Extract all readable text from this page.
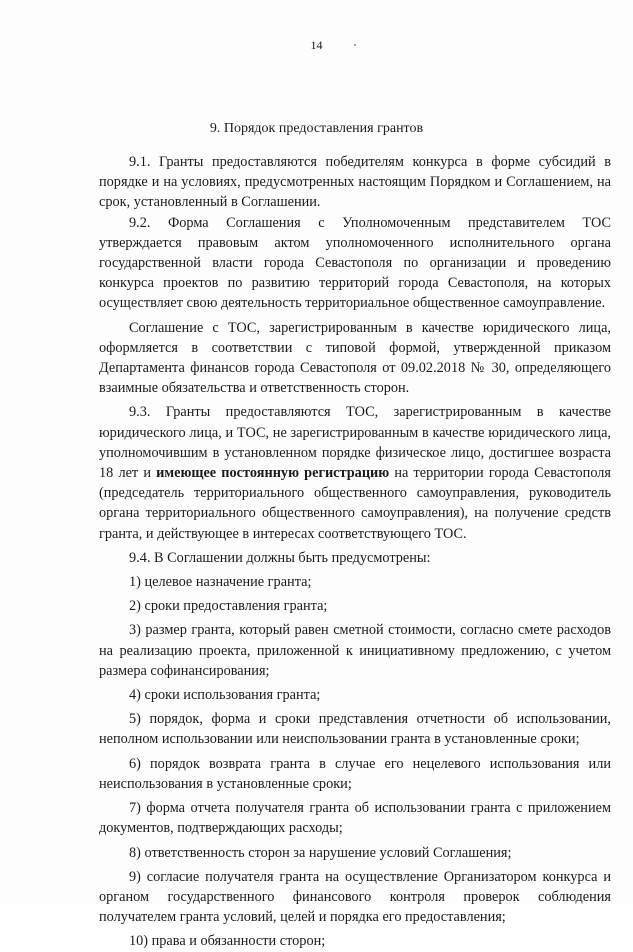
14
9. Порядок предоставления грантов

9.1. Гранты предоставляются победителям конкурса в форме субсидий в порядке и на условиях, предусмотренных настоящим Порядком и Соглашением, на срок, установленный в Соглашении.

9.2. Форма Соглашения с Уполномоченным представителем ТОС утверждается правовым актом уполномоченного исполнительного органа государственной власти города Севастополя по организации и проведению конкурса проектов по развитию территорий города Севастополя, на которых осуществляет свою деятельность территориальное общественное самоуправление.

Соглашение с ТОС, зарегистрированным в качестве юридического лица, оформляется в соответствии с типовой формой, утвержденной приказом Департамента финансов города Севастополя от 09.02.2018 № 30, определяющего взаимные обязательства и ответственность сторон.

9.3. Гранты предоставляются ТОС, зарегистрированным в качестве юридического лица, и ТОС, не зарегистрированным в качестве юридического лица, уполномочившим в установленном порядке физическое лицо, достигшее возраста 18 лет и имеющее постоянную регистрацию на территории города Севастополя (председатель территориального общественного самоуправления, руководитель органа территориального общественного самоуправления), на получение средств гранта, и действующее в интересах соответствующего ТОС.

9.4. В Соглашении должны быть предусмотрены:

1) целевое назначение гранта;

2) сроки предоставления гранта;

3) размер гранта, который равен сметной стоимости, согласно смете расходов на реализацию проекта, приложенной к инициативному предложению, с учетом размера софинансирования;

4) сроки использования гранта;

5) порядок, форма и сроки представления отчетности об использовании, неполном использовании или неиспользовании гранта в установленные сроки;

6) порядок возврата гранта в случае его нецелевого использования или неиспользования в установленные сроки;

7) форма отчета получателя гранта об использовании гранта с приложением документов, подтверждающих расходы;

8) ответственность сторон за нарушение условий Соглашения;

9) согласие получателя гранта на осуществление Организатором конкурса и органом государственного финансового контроля проверок соблюдения получателем гранта условий, целей и порядка его предоставления;

10) права и обязанности сторон;
